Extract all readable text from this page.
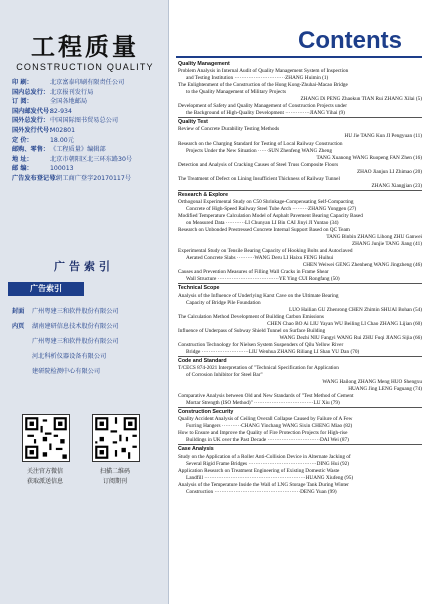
工程质量
CONSTRUCTION QUALITY
印 刷：	北京富泰印刷有限责任公司
国内总发行： 北京报刊发行局
订 阅：	全国各地邮局
国内邮发代号：
82-934
国外总发行： 中国国际图书贸易总公司
国外发行代号：
M02801
定 价：	18.00元
邮购、零售： 《工程质量》编辑部
地 址：	北京市朝阳区北三环东路30号
邮 编：	100013
广告发布登记号：
京朝工商广登字20170117号
广告索引
广告索引
封面	广州粤建三和软件股份有限公司
内页	湖南建研信息技术股份有限公司
广州粤建三和软件股份有限公司
河北科析仪器设备有限公司
建研院检测中心有限公司
关注官方微信
获取派送信息
扫描二维码
订阅期刊
Contents
Quality Management
Problem Analysis in Internal Audit of Quality Management System of Inspection
and Testing Institution ·····························ZHANG Huimin (1)
The Enlightenment of the Construction of the Hong Kong-Zhuhai-Macao Bridge
to the Quality Management of Military Projects
ZHANG Di PENG Zhaokun TIAN Rui ZHANG Xilai (5)
Development of Safety and Quality Management of Construction Projects under
the Background of High-Quality Development ··············JIANG Yihai (9)
Quality Test
Review of Concrete Durability Testing Methods
HU Jie TANG Kun JI Pengyuan (11)
Research on the Charging Standard for Testing of Local Railway Construction
Projects Under the New Situation ······SUN Zhenfeng WANG Zheng
TANG Xuanong WANG Ruopeng FAN Zhen (16)
Detection and Analysis of Cracking Causes of Steel Truss Composite Floors
ZHAO Jianjun LI Zhimao (20)
The Treatment of Defect on Lining Insufficient Thickness of Railway Tunnel
ZHANG Xiangjian (23)
Research & Explore
Orthogonal Experimental Study on C50 Shrinkage-Compensating Self-Compacting
Concrete of High-Speed Railway Steel Tube Arch ·········ZHANG Yonggen (27)
Modified Temperature Calculation Model of Asphalt Pavement Bearing Capacity Based
on Measured Data ···········LI Chunyan LI Bin CAI Jinyi JI Yuntao (34)
Research on Unbonded Prestressed Concrete Internal Support Based on QC Team
TANG Binbin ZHANG Lihong ZHU Ganwei
ZHANG Junjie TANG Jiang (41)
Experimental Study on Tensile Bearing Capacity of Hooking Bolts and Autoclaved
Aerated Concrete Slabs ··········WANG Deru LI Haixu FENG Huihui
CHEN Weiwei GENG Zhenheng WANG Jingzheng (46)
Causes and Prevention Measures of Filling Wall Cracks in Frame Shear
Wall Structure ···································YE Ying CUI Rongfang (50)
Technical Scope
Analysis of the Influence of Underlying Karst Cave on the Ultimate Bearing
Capacity of Bridge Pile Foundation
LUO Hailian GU Zhenrong CHEN Zhimin SHUAI Bohan (54)
The Calculation Method Development of Building Carbon Emissions
CHEN Chao BO Ai LIU Yayan WU Beiling LI Chao ZHANG Lijian (60)
Influence of Underpass of Subway Shield Tunnel on Surface Building
WANG Dezhi NIU Fangyi WANG Rui ZHU Fuqi JIANG Sijia (66)
Construction Technology for Nielsen System Suspenders of Qilu Yellow River
Bridge ···························LIU Wenhua ZHANG Riliang LI Shan YU Dan (70)
Code and Standard
T/CECS 874-2021 Interpretation of "Technical Specification for Application
of Corrosion Inhibitor for Steel Bar"
WANG Hailong ZHANG Meng HUO Shengxu
HUANG Jing LENG Faguang (74)
Comparative Analysis between Old and New Standards of "Test Method of Cement
Mortar Strength (ISO Method)" ··································LU Xiu (79)
Construction Security
Quality Accident Analysis of Ceiling Overall Collapse Caused by Failure of A Few
Furring Hangers ···········CHANG Yinchang WANG Sixin CHENG Miao (82)
How to Ensure and Improve the Quality of Fire Protection Projects for High-rise
Buildings in UK over the Past Decade ······························DAI Wei (87)
Case Analysis
Study on the Application of a Roller Anti-Collision Device in Alternate Jacking of
Several Rigid Frame Bridges ·······································DING Hui (92)
Application Research on Treatment Engineering of Existing Domestic Waste
Landfill ··························································HUANG Xiufeng (95)
Analysis of the Temperature Inside the Wall of LNG Storage Tank During Winter
Construction ·················································DENG Yuan (99)
